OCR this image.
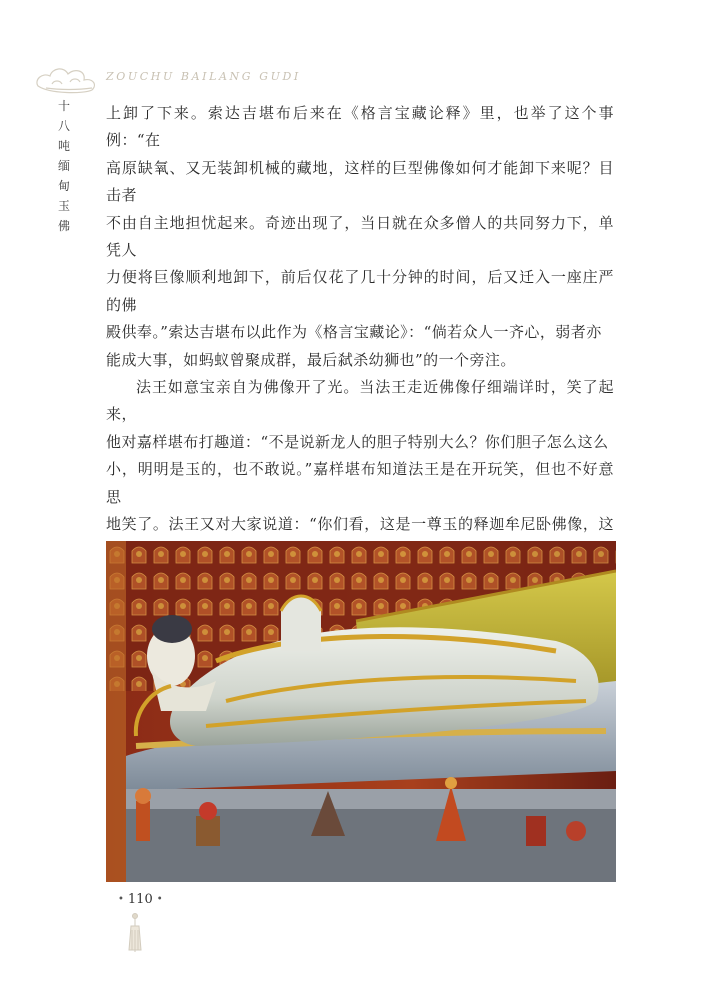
ZOUCHU BAILANG GUDI
十
八
吨
缅
甸
玉
佛

上卸了下来。索达吉堪布后来在《格言宝藏论释》里，也举了这个事例：“在

高原缺氧、又无装卸机械的藏地，这样的巨型佛像如何才能卸下来呢？目击者

不由自主地担忧起来。奇迹出现了，当日就在众多僧人的共同努力下，单凭人

力便将巨像顺利地卸下，前后仅花了几十分钟的时间，后又迁入一座庄严的佛

殿供奉。”索达吉堪布以此作为《格言宝藏论》：“倘若众人一齐心，弱者亦

能成大事，如蚂蚁曾聚成群，最后弑杀幼狮也”的一个旁注。

法王如意宝亲自为佛像开了光。当法王走近佛像仔细端详时，笑了起来，

他对嘉样堪布打趣道：“不是说新龙人的胆子特别大么？你们胆子怎么这么

小，明明是玉的，也不敢说。”嘉样堪布知道法王是在开玩笑，但也不好意思

地笑了。法王又对大家说道：“你们看，这是一尊玉的释迦牟尼卧佛像，这

• 110 •
